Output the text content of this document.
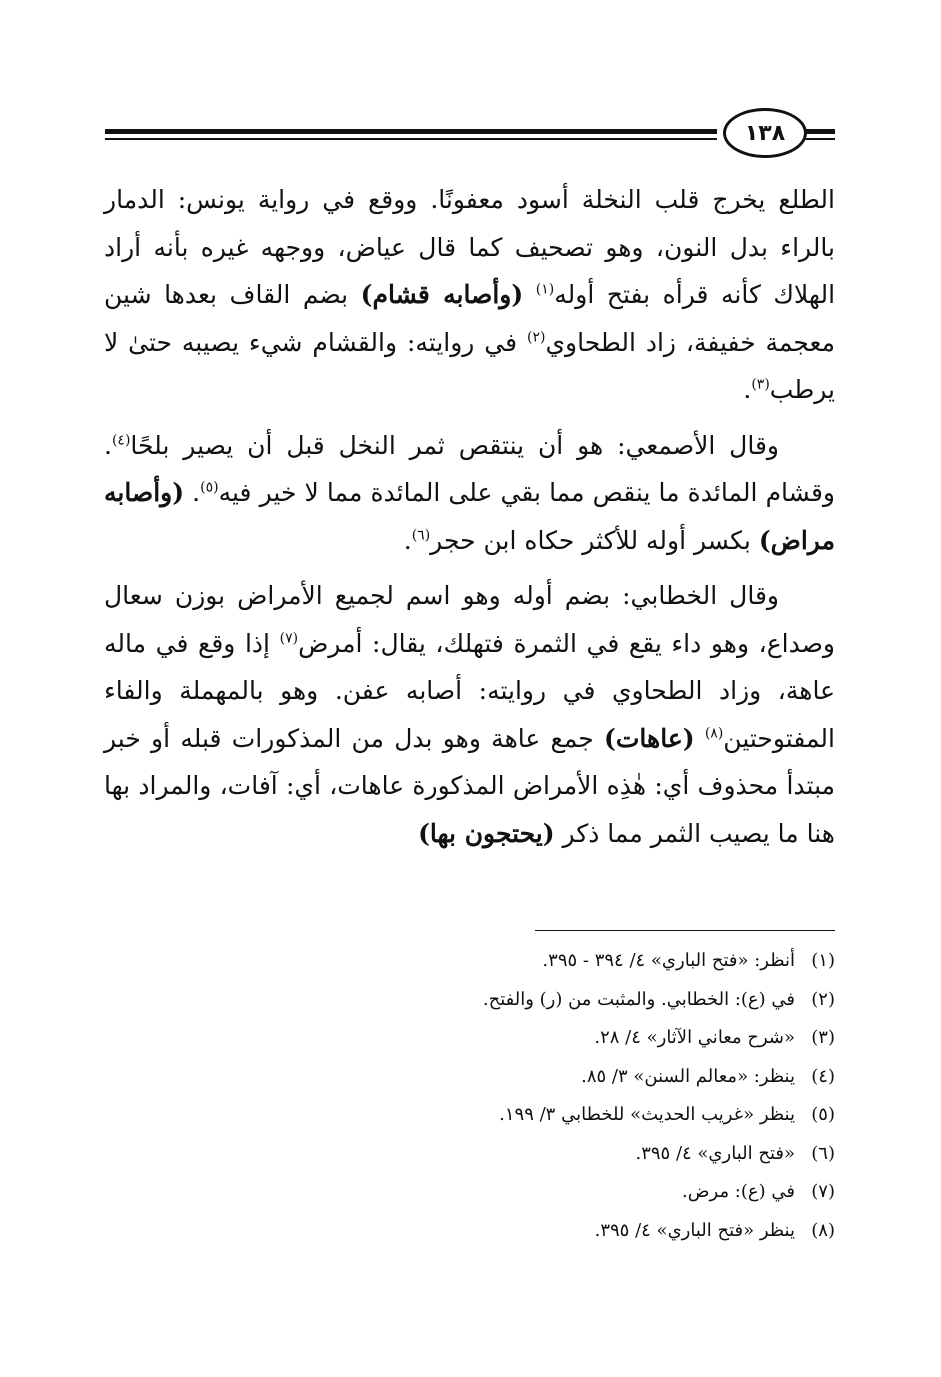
١٣٨

الطلع يخرج قلب النخلة أسود معفونًا. ووقع في رواية يونس: الدمار بالراء بدل النون، وهو تصحيف كما قال عياض، ووجهه غيره بأنه أراد الهلاك كأنه قرأه بفتح أوله$^{(١)}$ (وأصابه قشام) بضم القاف بعدها شين معجمة خفيفة، زاد الطحاوي$^{(٢)}$ في روايته: والقشام شيء يصيبه حتىٰ لا يرطب$^{(٣)}$.

وقال الأصمعي: هو أن ينتقص ثمر النخل قبل أن يصير بلحًا$^{(٤)}$. وقشام المائدة ما ينقص مما بقي على المائدة مما لا خير فيه$^{(٥)}$. (وأصابه مراض) بكسر أوله للأكثر حكاه ابن حجر$^{(٦)}$.

وقال الخطابي: بضم أوله وهو اسم لجميع الأمراض بوزن سعال وصداع، وهو داء يقع في الثمرة فتهلك، يقال: أمرض$^{(٧)}$ إذا وقع في ماله عاهة، وزاد الطحاوي في روايته: أصابه عفن. وهو بالمهملة والفاء المفتوحتين$^{(٨)}$ (عاهات) جمع عاهة وهو بدل من المذكورات قبله أو خبر مبتدأ محذوف أي: هٰذِه الأمراض المذكورة عاهات، أي: آفات، والمراد بها هنا ما يصيب الثمر مما ذكر (يحتجون بها)

(١)
أنظر: «فتح الباري» ٤/ ٣٩٤ - ٣٩٥.
(٢)
في (ع): الخطابي. والمثبت من (ر) والفتح.
(٣)
«شرح معاني الآثار» ٤/ ٢٨.
(٤)
ينظر: «معالم السنن» ٣/ ٨٥.
(٥)
ينظر «غريب الحديث» للخطابي ٣/ ١٩٩.
(٦)
«فتح الباري» ٤/ ٣٩٥.
(٧)
في (ع): مرض.
(٨)
ينظر «فتح الباري» ٤/ ٣٩٥.
